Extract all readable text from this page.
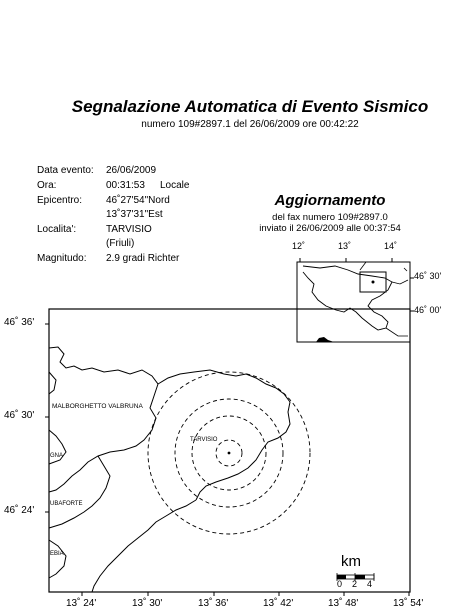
Segnalazione Automatica di Evento Sismico
numero 109#2897.1 del 26/06/2009 ore 00:42:22
Data evento: 26/06/2009
Ora:	00:31:53 Locale
Epicentro: 46˚27'54"Nord
13˚37'31"Est
Localita':	TARVISIO
(Friuli)
Magnitudo: 2.9 gradi Richter
Aggiornamento
del fax numero 109#2897.0
inviato il 26/06/2009 alle 00:37:54
12˚	13˚	14˚
46˚ 30'
46˚ 00'
46˚ 36'
46˚ 30'
46˚ 24'
13˚ 24'	13˚ 30'	13˚ 36'	13˚ 42'	13˚ 48'	13˚ 54'
MALBORGHETTO VALBRUNA
TARVISIO
GNA
UBAFORTE
EBIA	km
0 2 4
